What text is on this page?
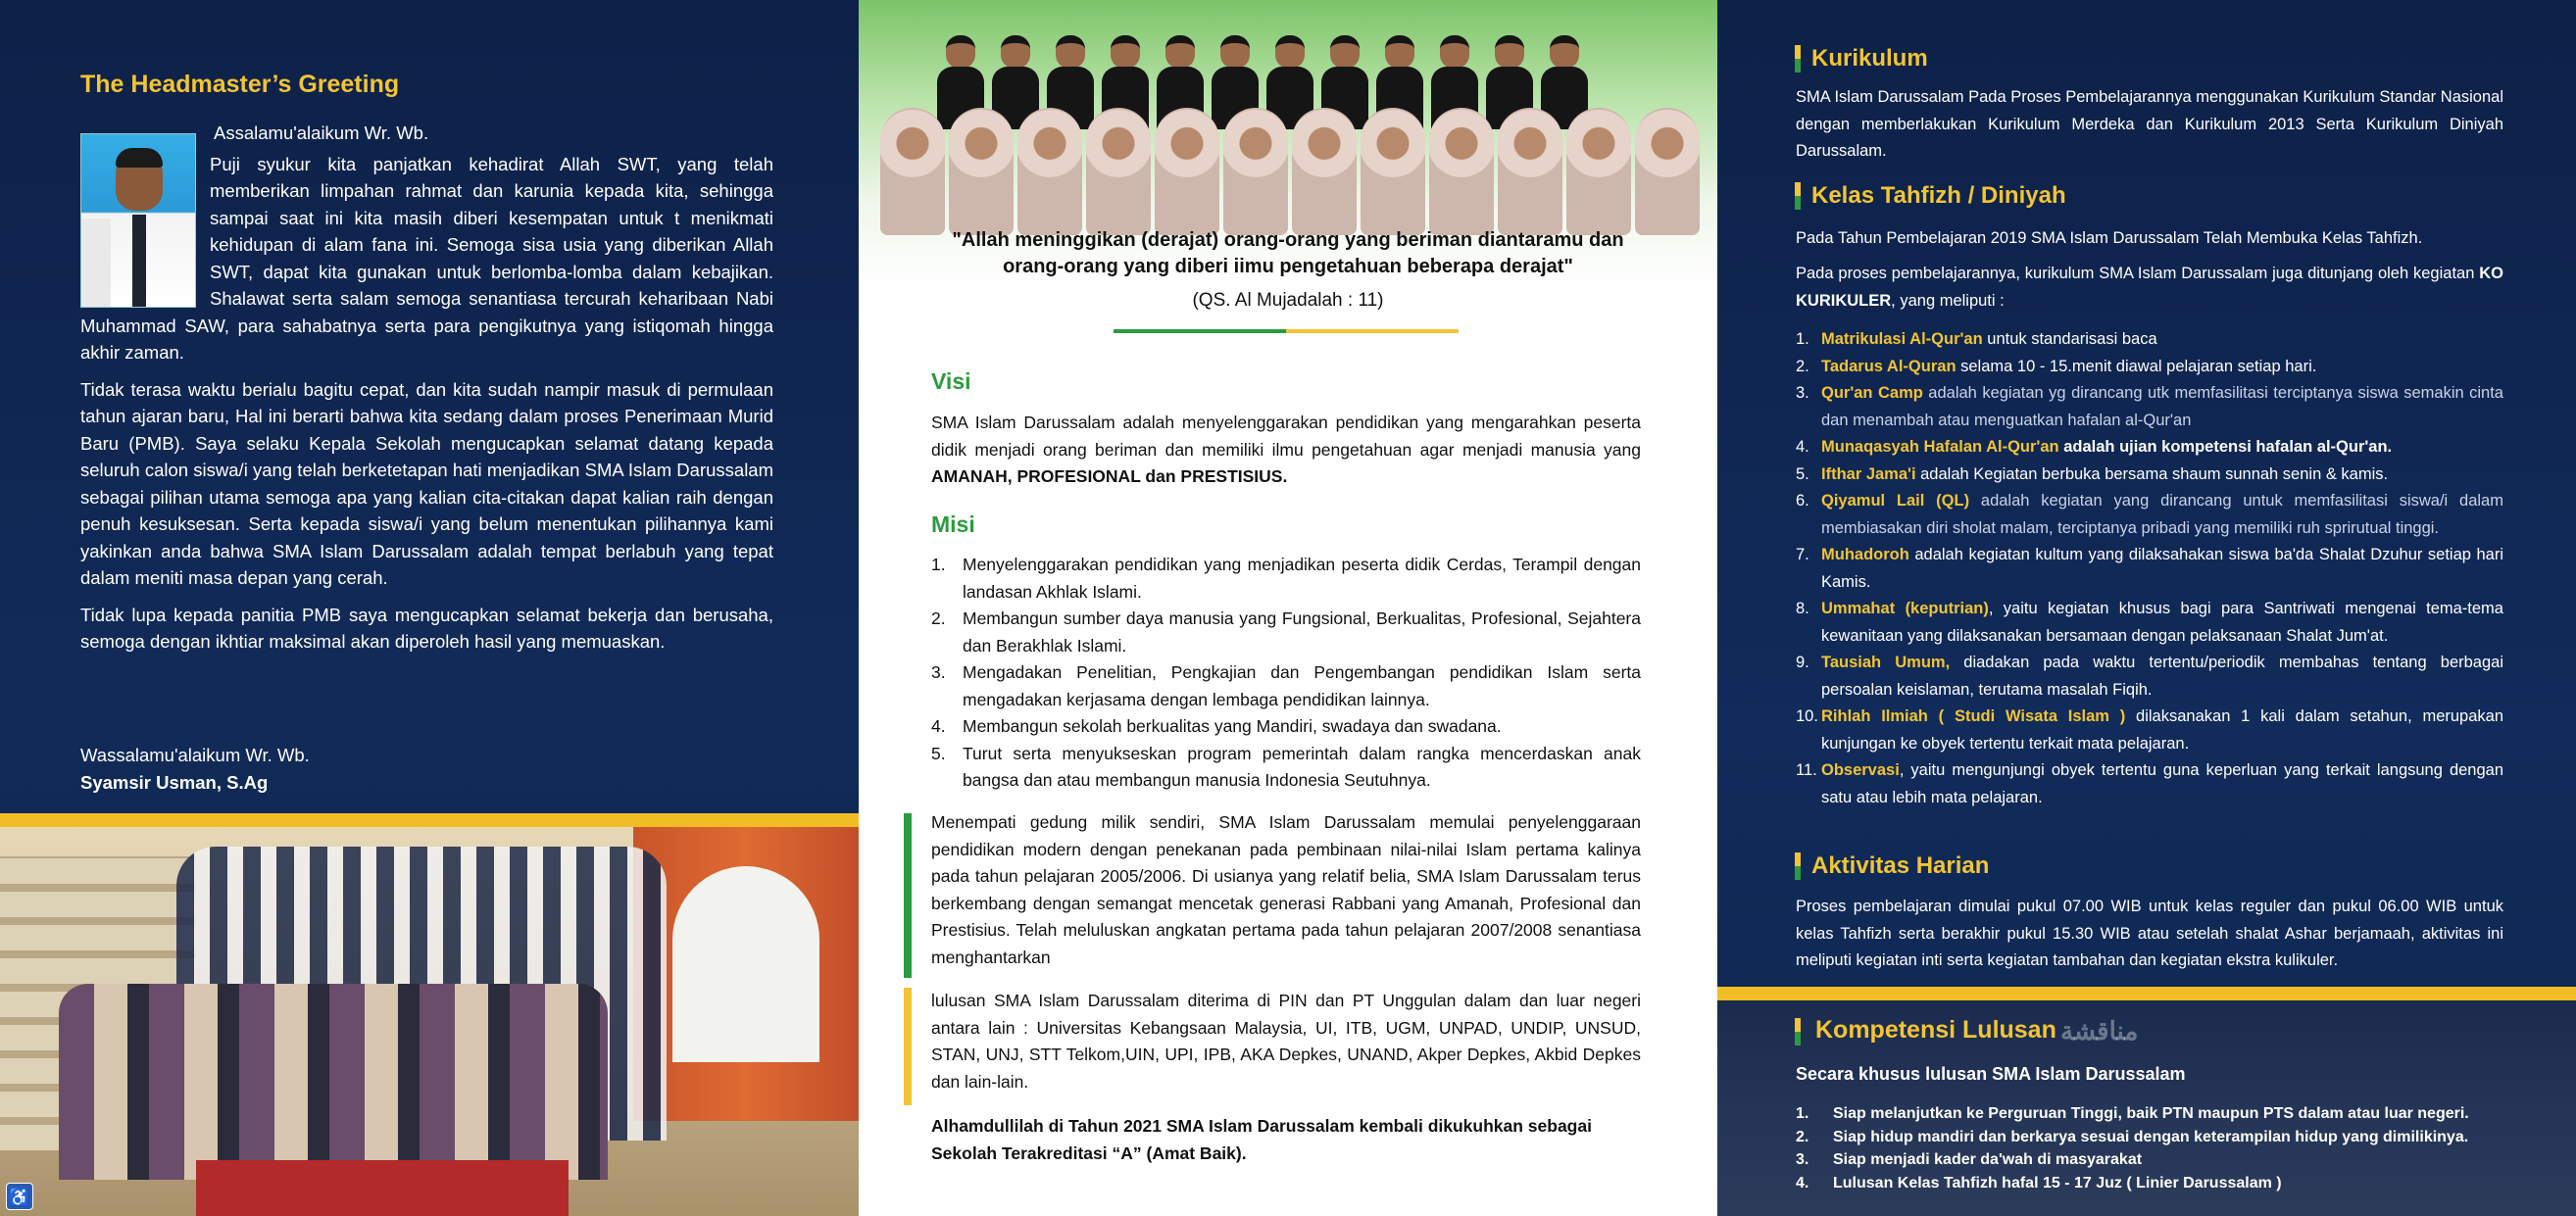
The Headmaster’s Greeting

Assalamu'alaikum Wr. Wb.

Puji syukur kita panjatkan kehadirat Allah SWT, yang telah memberikan limpahan rahmat dan karunia kepada kita, sehingga sampai saat ini kita masih diberi kesempatan untuk t menikmati kehidupan di alam fana ini. Semoga sisa usia yang diberikan Allah SWT, dapat kita gunakan untuk berlomba-lomba dalam kebajikan. Shalawat serta salam semoga senantiasa tercurah keharibaan Nabi Muhammad SAW, para sahabatnya serta para pengikutnya yang istiqomah hingga akhir zaman.

Tidak terasa waktu berialu bagitu cepat, dan kita sudah nampir masuk di permulaan tahun ajaran baru, Hal ini berarti bahwa kita sedang dalam proses Penerimaan Murid Baru (PMB). Saya selaku Kepala Sekolah mengucapkan selamat datang kepada seluruh calon siswa/i yang telah berketetapan hati menjadikan SMA Islam Darussalam sebagai pilihan utama semoga apa yang kalian cita-citakan dapat kalian raih dengan penuh kesuksesan. Serta kepada siswa/i yang belum menentukan pilihannya kami yakinkan anda bahwa SMA Islam Darussalam adalah tempat berlabuh yang tepat dalam meniti masa depan yang cerah.

Tidak lupa kepada panitia PMB saya mengucapkan selamat bekerja dan berusaha, semoga dengan ikhtiar maksimal akan diperoleh hasil yang memuaskan.

Wassalamu'alaikum Wr. Wb.
Syamsir Usman, S.Ag
♿
"Allah meninggikan (derajat) orang-orang yang beriman diantaramu dan orang-orang yang diberi iimu pengetahuan beberapa derajat"
(QS. Al Mujadalah : 11)
Visi

SMA Islam Darussalam adalah menyelenggarakan pendidikan yang mengarahkan peserta didik menjadi orang beriman dan memiliki ilmu pengetahuan agar menjadi manusia yang AMANAH, PROFESIONAL dan PRESTISIUS.

Misi
1. Menyelenggarakan pendidikan yang menjadikan peserta didik Cerdas, Terampil dengan landasan Akhlak Islami.
2. Membangun sumber daya manusia yang Fungsional, Berkualitas, Profesional, Sejahtera dan Berakhlak Islami.
3. Mengadakan Penelitian, Pengkajian dan Pengembangan pendidikan Islam serta mengadakan kerjasama dengan lembaga pendidikan lainnya.
4. Membangun sekolah berkualitas yang Mandiri, swadaya dan swadana.
5. Turut serta menyukseskan program pemerintah dalam rangka mencerdaskan anak bangsa dan atau membangun manusia Indonesia Seutuhnya.

Menempati gedung milik sendiri, SMA Islam Darussalam memulai penyelenggaraan pendidikan modern dengan penekanan pada pembinaan nilai-nilai Islam pertama kalinya pada tahun pelajaran 2005/2006. Di usianya yang relatif belia, SMA Islam Darussalam terus berkembang dengan semangat mencetak generasi Rabbani yang Amanah, Profesional dan Prestisius. Telah meluluskan angkatan pertama pada tahun pelajaran 2007/2008 senantiasa menghantarkan

lulusan SMA Islam Darussalam diterima di PIN dan PT Unggulan dalam dan luar negeri antara lain : Universitas Kebangsaan Malaysia, UI, ITB, UGM, UNPAD, UNDIP, UNSUD, STAN, UNJ, STT Telkom,UIN, UPI, IPB, AKA Depkes, UNAND, Akper Depkes, Akbid Depkes dan lain-lain.

Alhamdullilah di Tahun 2021 SMA Islam Darussalam kembali dikukuhkan sebagai Sekolah Terakreditasi “A” (Amat Baik).

Kurikulum

SMA Islam Darussalam Pada Proses Pembelajarannya menggunakan Kurikulum Standar Nasional dengan memberlakukan Kurikulum Merdeka dan Kurikulum 2013 Serta Kurikulum Diniyah Darussalam.

Kelas Tahfizh / Diniyah

Pada Tahun Pembelajaran 2019 SMA Islam Darussalam Telah Membuka Kelas Tahfizh.

Pada proses pembelajarannya, kurikulum SMA Islam Darussalam juga ditunjang oleh kegiatan KO KURIKULER, yang meliputi :

1. Matrikulasi Al-Qur'an untuk standarisasi baca
2. Tadarus Al-Quran selama 10 - 15.menit diawal pelajaran setiap hari.
3. Qur'an Camp adalah kegiatan yg dirancang utk memfasilitasi terciptanya siswa semakin cinta dan menambah atau menguatkan hafalan al-Qur'an
4. Munaqasyah Hafalan Al-Qur'an adalah ujian kompetensi hafalan al-Qur'an.
5. Ifthar Jama'i adalah Kegiatan berbuka bersama shaum sunnah senin & kamis.
6. Qiyamul Lail (QL) adalah kegiatan yang dirancang untuk memfasilitasi siswa/i dalam membiasakan diri sholat malam, terciptanya pribadi yang memiliki ruh sprirutual tinggi.
7. Muhadoroh adalah kegiatan kultum yang dilaksahakan siswa ba'da Shalat Dzuhur setiap hari Kamis.
8. Ummahat (keputrian), yaitu kegiatan khusus bagi para Santriwati mengenai tema-tema kewanitaan yang dilaksanakan bersamaan dengan pelaksanaan Shalat Jum'at.
9. Tausiah Umum, diadakan pada waktu tertentu/periodik membahas tentang berbagai persoalan keislaman, terutama masalah Fiqih.
10. Rihlah Ilmiah ( Studi Wisata Islam ) dilaksanakan 1 kali dalam setahun, merupakan kunjungan ke obyek tertentu terkait mata pelajaran.
11. Observasi, yaitu mengunjungi obyek tertentu guna keperluan yang terkait langsung dengan satu atau lebih mata pelajaran.
Aktivitas Harian

Proses pembelajaran dimulai pukul 07.00 WIB untuk kelas reguler dan pukul 06.00 WIB untuk kelas Tahfizh serta berakhir pukul 15.30 WIB atau setelah shalat Ashar berjamaah, aktivitas ini meliputi kegiatan inti serta kegiatan tambahan dan kegiatan ekstra kulikuler.

Kompetensi Lulusan مناقشة
Secara khusus lulusan SMA Islam Darussalam
1.	Siap melanjutkan ke Perguruan Tinggi, baik PTN maupun PTS dalam atau luar negeri.
2.	Siap hidup mandiri dan berkarya sesuai dengan keterampilan hidup yang dimilikinya.
3.	Siap menjadi kader da'wah di masyarakat
4.	Lulusan Kelas Tahfizh hafal 15 - 17 Juz ( Linier Darussalam )
